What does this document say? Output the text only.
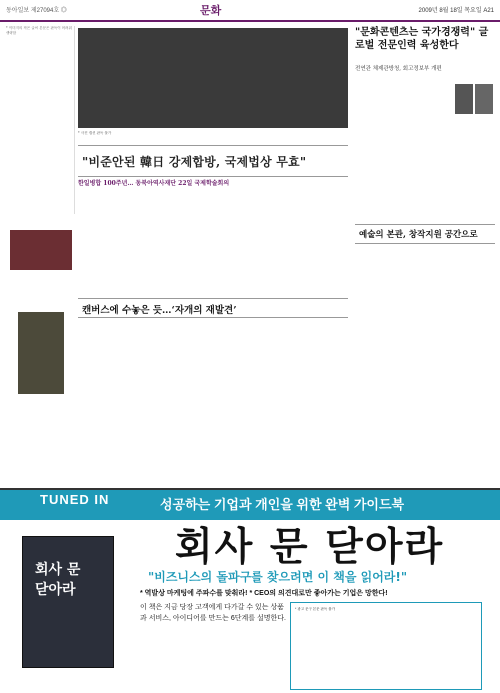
동아일보 제27094호 ◎	문화	2009년 8월 18일 목요일 A21
* 이미지의 작은 글씨 본문은 판독이 어려워 생략함
* 사진 캡션 판독 불가
"문화콘텐츠는 국가경쟁력" 글로벌 전문인력 육성한다
전연관 체제관방청, 회고정보부 개편
"비준안된 韓日 강제합방, 국제법상 무효"
한일병합 100주년… 동북아역사재단 22일 국제학술회의
캔버스에 수놓은 듯…‘자개의 재발견’
예술의 본관, 창작지원 공간으로
TUNED IN	성공하는 기업과 개인을 위한 완벽 가이드북
회사 문 닫아라
회사 문
닫아라
"비즈니스의 돌파구를 찾으려면 이 책을 읽어라!"
* 역발상 마케팅에 주파수를 맞춰라! * CEO의 의견대로만 좋아가는 기업은 망한다!
이 책은 지금 당장 고객에게 다가갈 수 있는 상품과 서비스, 아이디어를 만드는 6단계를 설명한다.
* 광고 문구 본문 판독 불가
